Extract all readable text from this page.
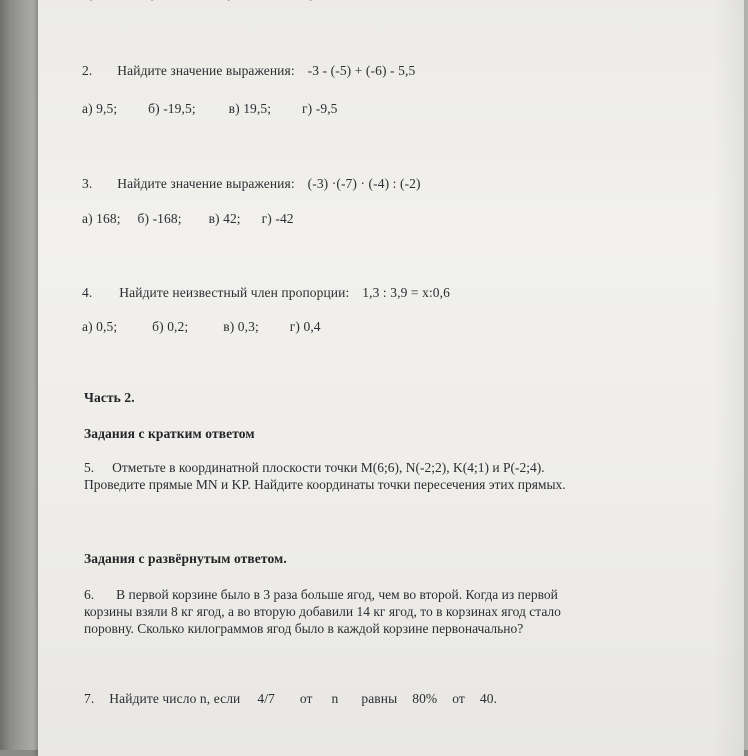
2. Найдите значение выражения: -3 - (-5) + (-6) - 5,5
а) 9,5; б) -19,5; в) 19,5; г) -9,5
3. Найдите значение выражения: (-3) ·(-7) · (-4) : (-2)
а) 168; б) -168; в) 42; г) -42
4. Найдите неизвестный член пропорции: 1,3 : 3,9 = х:0,6
а) 0,5;	б) 0,2;	в) 0,3; г) 0,4
Часть 2.
Задания с кратким ответом
5. Отметьте в координатной плоскости точки М(6;6), N(-2;2), K(4;1) и P(-2;4).
Проведите прямые MN и KP. Найдите координаты точки пересечения этих прямых.
Задания с развёрнутым ответом.
6. В первой корзине было в 3 раза больше ягод, чем во второй. Когда из первой
корзины взяли 8 кг ягод, а во вторую добавили 14 кг ягод, то в корзинах ягод стало
поровну. Сколько килограммов ягод было в каждой корзине первоначально?
7. Найдите число n, если 4/7 от n равны 80% от 40.
